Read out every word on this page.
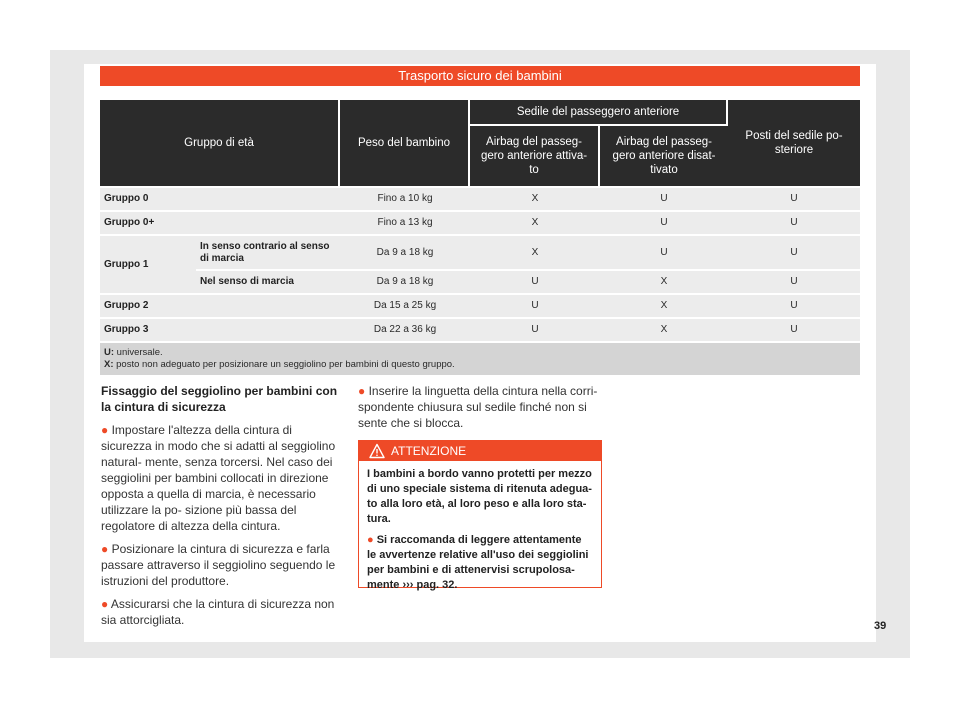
Trasporto sicuro dei bambini
Gruppo di età		Peso del bambino	Sedile del passeggero anteriore		Posti del sedile po- steriore
			Airbag del passeg- gero anteriore attiva- to	Airbag del passeg- gero anteriore disat- tivato	
Gruppo 0		Fino a 10 kg	X	U	U
Gruppo 0+		Fino a 13 kg	X	U	U
Gruppo 1	In senso contrario al senso di marcia	Da 9 a 18 kg	X	U	U
	Nel senso di marcia	Da 9 a 18 kg	U	X	U
Gruppo 2		Da 15 a 25 kg	U	X	U
Gruppo 3		Da 22 a 36 kg	U	X	U
U: universale.
X: posto non adeguato per posizionare un seggiolino per bambini di questo gruppo.					

Fissaggio del seggiolino per bambini con la cintura di sicurezza

● Impostare l'altezza della cintura di sicurezza in modo che si adatti al seggiolino natural- mente, senza torcersi. Nel caso dei seggiolini per bambini collocati in direzione opposta a quella di marcia, è necessario utilizzare la po- sizione più bassa del regolatore di altezza della cintura.

● Posizionare la cintura di sicurezza e farla passare attraverso il seggiolino seguendo le istruzioni del produttore.

● Assicurarsi che la cintura di sicurezza non sia attorcigliata.

● Inserire la linguetta della cintura nella corri- spondente chiusura sul sedile finché non si sente che si blocca.

ATTENZIONE

I bambini a bordo vanno protetti per mezzo di uno speciale sistema di ritenuta adegua- to alla loro età, al loro peso e alla loro sta- tura.

● Si raccomanda di leggere attentamente le avvertenze relative all'uso dei seggiolini per bambini e di attenervisi scrupolosa- mente ››› pag. 32.

39
